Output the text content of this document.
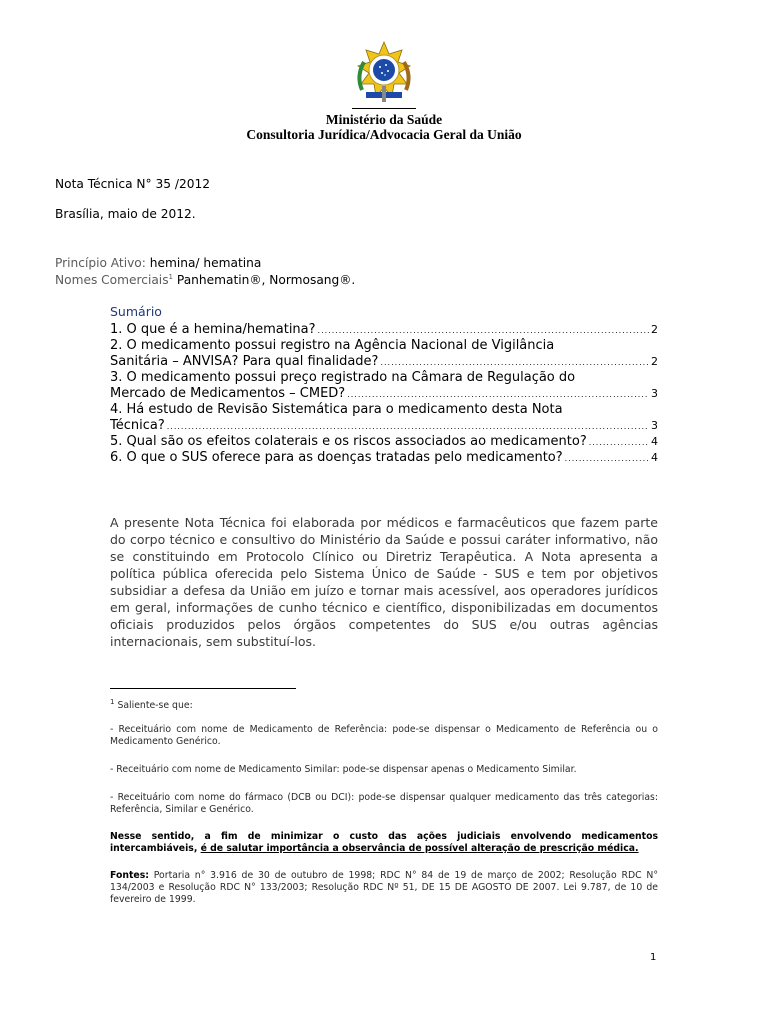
Ministério da Saúde
Consultoria Jurídica/Advocacia Geral da União
Nota Técnica N° 35 /2012
Brasília, maio de 2012.
Princípio Ativo: hemina/ hematina
Nomes Comerciais$^1$ Panhematin®, Normosang®.
Sumário
1. O que é a hemina/hematina? .....	2
2. O medicamento possui registro na Agência Nacional de Vigilância
Sanitária – ANVISA? Para qual finalidade? .....	2
3. O medicamento possui preço registrado na Câmara de Regulação do
Mercado de Medicamentos – CMED? .....	3
4. Há estudo de Revisão Sistemática para o medicamento desta Nota
Técnica? .....	3
5. Qual são os efeitos colaterais e os riscos associados ao medicamento? .....	4
6. O que o SUS oferece para as doenças tratadas pelo medicamento? .....	4
A presente Nota Técnica foi elaborada por médicos e farmacêuticos que fazem parte do corpo técnico e consultivo do Ministério da Saúde e possui caráter informativo, não se constituindo em Protocolo Clínico ou Diretriz Terapêutica. A Nota apresenta a política pública oferecida pelo Sistema Único de Saúde - SUS e tem por objetivos subsidiar a defesa da União em juízo e tornar mais acessível, aos operadores jurídicos em geral, informações de cunho técnico e científico, disponibilizadas em documentos oficiais produzidos pelos órgãos competentes do SUS e/ou outras agências internacionais, sem substituí-los.
$^1$ Saliente-se que:
- Receituário com nome de Medicamento de Referência: pode-se dispensar o Medicamento de Referência ou o Medicamento Genérico.
- Receituário com nome de Medicamento Similar: pode-se dispensar apenas o Medicamento Similar.
- Receituário com nome do fármaco (DCB ou DCI): pode-se dispensar qualquer medicamento das três categorias: Referência, Similar e Genérico.
Nesse sentido, a fim de minimizar o custo das ações judiciais envolvendo medicamentos intercambiáveis, é de salutar importância a observância de possível alteração de prescrição médica.
Fontes: Portaria n° 3.916 de 30 de outubro de 1998; RDC N° 84 de 19 de março de 2002; Resolução RDC N° 134/2003 e Resolução RDC N° 133/2003; Resolução RDC Nº 51, DE 15 DE AGOSTO DE 2007. Lei 9.787, de 10 de fevereiro de 1999.
1
